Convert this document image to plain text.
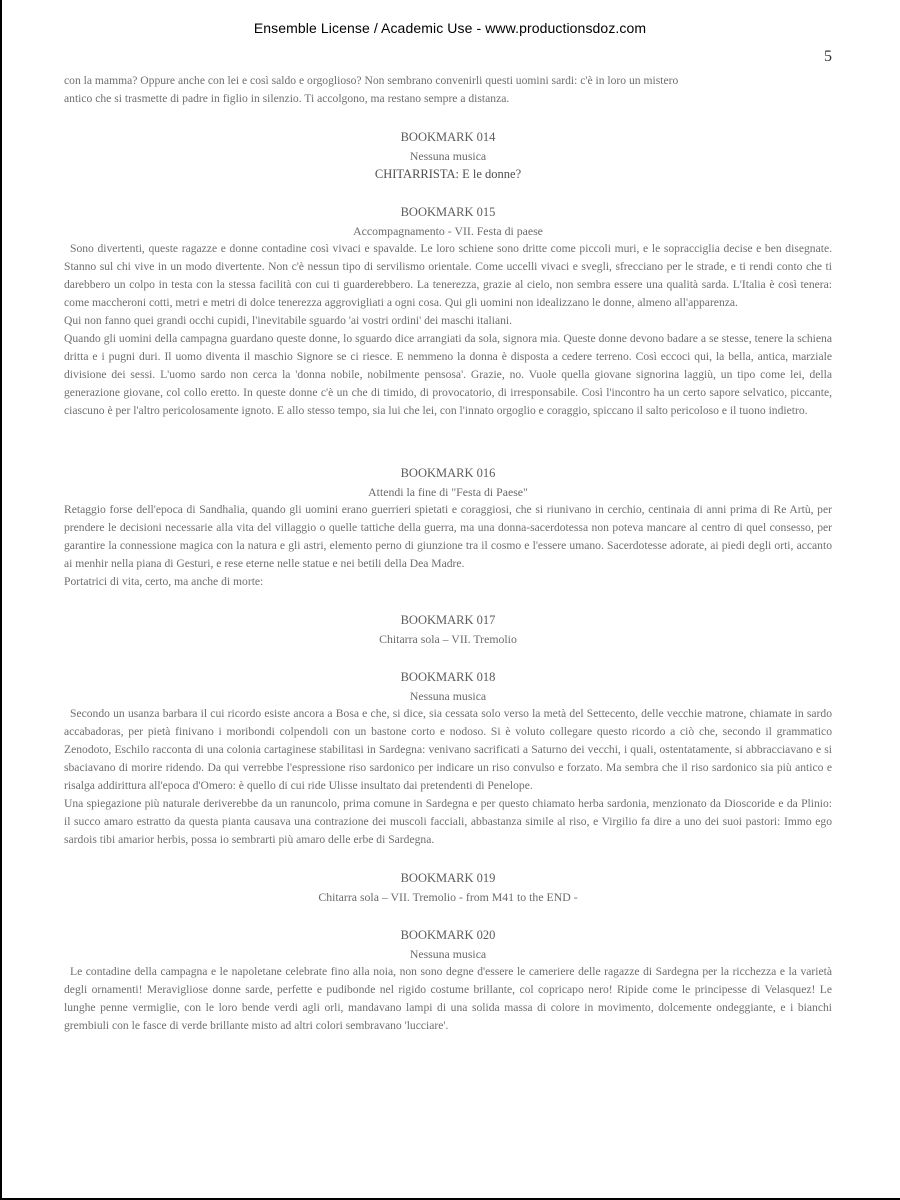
Ensemble License / Academic Use - www.productionsdoz.com
5

con la mamma? Oppure anche con lei e così saldo e orgoglioso? Non sembrano convenirli questi uomini sardi: c'è in loro un mistero

antico che si trasmette di padre in figlio in silenzio. Ti accolgono, ma restano sempre a distanza.

BOOKMARK 014

Nessuna musica

CHITARRISTA: E le donne?

BOOKMARK 015

Accompagnamento - VII. Festa di paese

Sono divertenti, queste ragazze e donne contadine così vivaci e spavalde. Le loro schiene sono dritte come piccoli muri, e le sopracciglia decise e ben disegnate. Stanno sul chi vive in un modo divertente. Non c'è nessun tipo di servilismo orientale. Come uccelli vivaci e svegli, sfrecciano per le strade, e ti rendi conto che ti darebbero un colpo in testa con la stessa facilità con cui ti guarderebbero. La tenerezza, grazie al cielo, non sembra essere una qualità sarda. L'Italia è così tenera: come maccheroni cotti, metri e metri di dolce tenerezza aggrovigliati a ogni cosa. Qui gli uomini non idealizzano le donne, almeno all'apparenza.

Qui non fanno quei grandi occhi cupidi, l'inevitabile sguardo 'ai vostri ordini' dei maschi italiani.

Quando gli uomini della campagna guardano queste donne, lo sguardo dice arrangiati da sola, signora mia. Queste donne devono badare a se stesse, tenere la schiena dritta e i pugni duri. Il uomo diventa il maschio Signore se ci riesce. E nemmeno la donna è disposta a cedere terreno. Così eccoci qui, la bella, antica, marziale divisione dei sessi. L'uomo sardo non cerca la 'donna nobile, nobilmente pensosa'. Grazie, no. Vuole quella giovane signorina laggiù, un tipo come lei, della generazione giovane, col collo eretto. In queste donne c'è un che di timido, di provocatorio, di irresponsabile. Così l'incontro ha un certo sapore selvatico, piccante, ciascuno è per l'altro pericolosamente ignoto. E allo stesso tempo, sia lui che lei, con l'innato orgoglio e coraggio, spiccano il salto pericoloso e il tuono indietro.

BOOKMARK 016

Attendi la fine di "Festa di Paese"

Retaggio forse dell'epoca di Sandhalia, quando gli uomini erano guerrieri spietati e coraggiosi, che si riunivano in cerchio, centinaia di anni prima di Re Artù, per prendere le decisioni necessarie alla vita del villaggio o quelle tattiche della guerra, ma una donna-sacerdotessa non poteva mancare al centro di quel consesso, per garantire la connessione magica con la natura e gli astri, elemento perno di giunzione tra il cosmo e l'essere umano. Sacerdotesse adorate, ai piedi degli orti, accanto ai menhir nella piana di Gesturi, e rese eterne nelle statue e nei betili della Dea Madre.

Portatrici di vita, certo, ma anche di morte:

BOOKMARK 017

Chitarra sola – VII. Tremolio

BOOKMARK 018

Nessuna musica

Secondo un usanza barbara il cui ricordo esiste ancora a Bosa e che, si dice, sia cessata solo verso la metà del Settecento, delle vecchie matrone, chiamate in sardo accabadoras, per pietà finivano i moribondi colpendoli con un bastone corto e nodoso. Si è voluto collegare questo ricordo a ciò che, secondo il grammatico Zenodoto, Eschilo racconta di una colonia cartaginese stabilitasi in Sardegna: venivano sacrificati a Saturno dei vecchi, i quali, ostentatamente, si abbracciavano e si sbaciavano di morire ridendo. Da qui verrebbe l'espressione riso sardonico per indicare un riso convulso e forzato. Ma sembra che il riso sardonico sia più antico e risalga addirittura all'epoca d'Omero: è quello di cui ride Ulisse insultato dai pretendenti di Penelope.

Una spiegazione più naturale deriverebbe da un ranuncolo, prima comune in Sardegna e per questo chiamato herba sardonia, menzionato da Dioscoride e da Plinio: il succo amaro estratto da questa pianta causava una contrazione dei muscoli facciali, abbastanza simile al riso, e Virgilio fa dire a uno dei suoi pastori: Immo ego sardois tibi amarior herbis, possa io sembrarti più amaro delle erbe di Sardegna.

BOOKMARK 019

Chitarra sola – VII. Tremolio - from M41 to the END -

BOOKMARK 020

Nessuna musica

Le contadine della campagna e le napoletane celebrate fino alla noia, non sono degne d'essere le cameriere delle ragazze di Sardegna per la ricchezza e la varietà degli ornamenti! Meravigliose donne sarde, perfette e pudibonde nel rigido costume brillante, col copricapo nero! Ripide come le principesse di Velasquez! Le lunghe penne vermiglie, con le loro bende verdi agli orli, mandavano lampi di una solida massa di colore in movimento, dolcemente ondeggiante, e i bianchi grembiuli con le fasce di verde brillante misto ad altri colori sembravano 'lucciare'.
